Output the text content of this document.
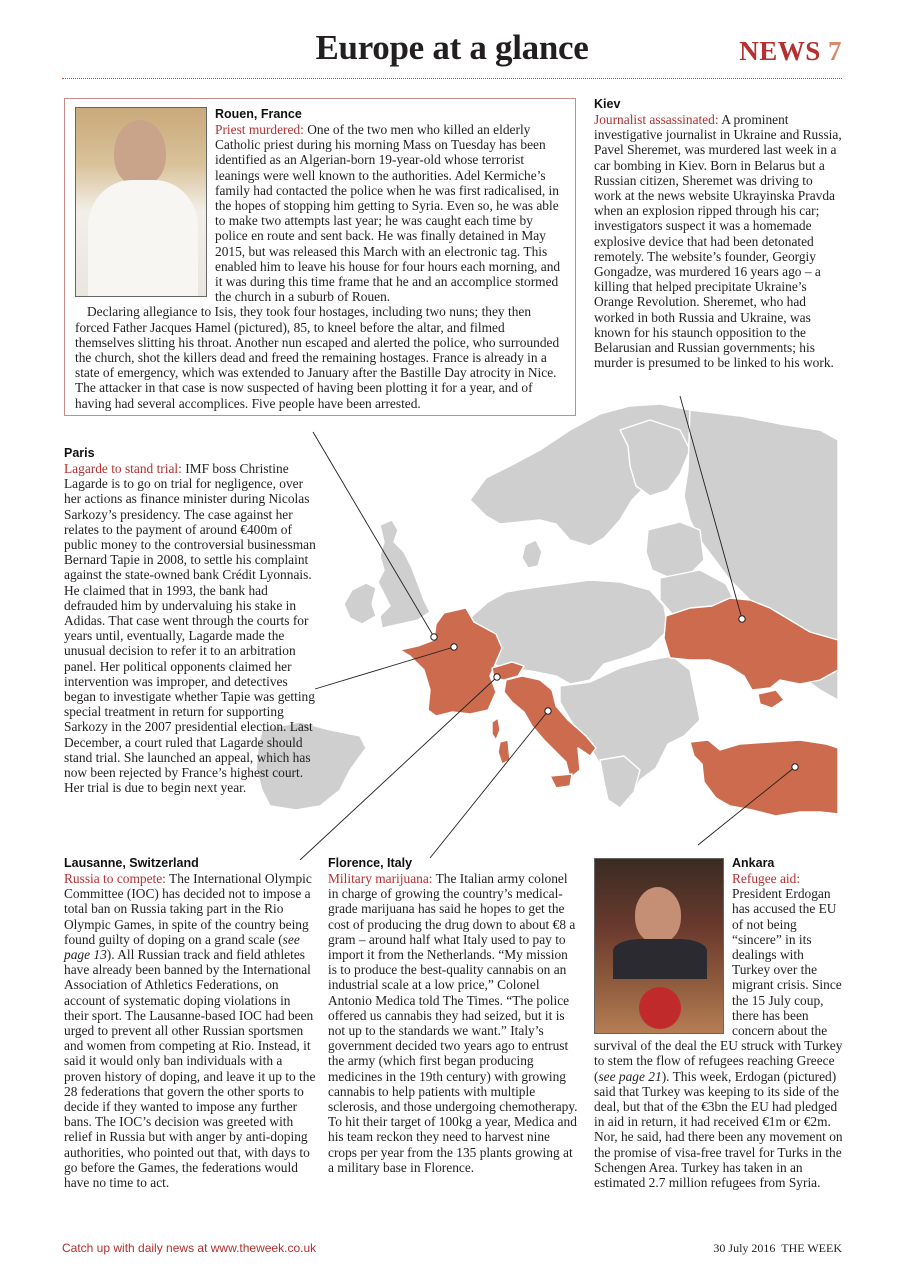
Europe at a glance	NEWS 7
Rouen, France

Priest murdered: One of the two men who killed an elderly Catholic priest during his morning Mass on Tuesday has been identified as an Algerian-born 19-year-old whose terrorist leanings were well known to the authorities. Adel Kermiche’s family had contacted the police when he was first radicalised, in the hopes of stopping him getting to Syria. Even so, he was able to make two attempts last year; he was caught each time by police en route and sent back. He was finally detained in May 2015, but was released this March with an electronic tag. This enabled him to leave his house for four hours each morning, and it was during this time frame that he and an accomplice stormed the church in a suburb of Rouen.

Declaring allegiance to Isis, they took four hostages, including two nuns; they then forced Father Jacques Hamel (pictured), 85, to kneel before the altar, and filmed themselves slitting his throat. Another nun escaped and alerted the police, who surrounded the church, shot the killers dead and freed the remaining hostages. France is already in a state of emergency, which was extended to January after the Bastille Day atrocity in Nice. The attacker in that case is now suspected of having been plotting it for a year, and of having had several accomplices. Five people have been arrested.

Kiev

Journalist assassinated: A prominent investigative journalist in Ukraine and Russia, Pavel Sheremet, was murdered last week in a car bombing in Kiev. Born in Belarus but a Russian citizen, Sheremet was driving to work at the news website Ukrayinska Pravda when an explosion ripped through his car; investigators suspect it was a homemade explosive device that had been detonated remotely. The website’s founder, Georgiy Gongadze, was murdered 16 years ago – a killing that helped precipitate Ukraine’s Orange Revolution. Sheremet, who had worked in both Russia and Ukraine, was known for his staunch opposition to the Belarusian and Russian governments; his murder is presumed to be linked to his work.

Paris

Lagarde to stand trial: IMF boss Christine Lagarde is to go on trial for negligence, over her actions as finance minister during Nicolas Sarkozy’s presidency. The case against her relates to the payment of around €400m of public money to the controversial businessman Bernard Tapie in 2008, to settle his complaint against the state-owned bank Crédit Lyonnais. He claimed that in 1993, the bank had defrauded him by undervaluing his stake in Adidas. That case went through the courts for years until, eventually, Lagarde made the unusual decision to refer it to an arbitration panel. Her political opponents claimed her intervention was improper, and detectives began to investigate whether Tapie was getting special treatment in return for supporting Sarkozy in the 2007 presidential election. Last December, a court ruled that Lagarde should stand trial. She launched an appeal, which has now been rejected by France’s highest court. Her trial is due to begin next year.

Lausanne, Switzerland

Russia to compete: The International Olympic Committee (IOC) has decided not to impose a total ban on Russia taking part in the Rio Olympic Games, in spite of the country being found guilty of doping on a grand scale (see page 13). All Russian track and field athletes have already been banned by the International Association of Athletics Federations, on account of systematic doping violations in their sport. The Lausanne-based IOC had been urged to prevent all other Russian sportsmen and women from competing at Rio. Instead, it said it would only ban individuals with a proven history of doping, and leave it up to the 28 federations that govern the other sports to decide if they wanted to impose any further bans. The IOC’s decision was greeted with relief in Russia but with anger by anti-doping authorities, who pointed out that, with days to go before the Games, the federations would have no time to act.

Florence, Italy

Military marijuana: The Italian army colonel in charge of growing the country’s medical-grade marijuana has said he hopes to get the cost of producing the drug down to about €8 a gram – around half what Italy used to pay to import it from the Netherlands. “My mission is to produce the best-quality cannabis on an industrial scale at a low price,” Colonel Antonio Medica told The Times. “The police offered us cannabis they had seized, but it is not up to the standards we want.” Italy’s government decided two years ago to entrust the army (which first began producing medicines in the 19th century) with growing cannabis to help patients with multiple sclerosis, and those undergoing chemotherapy. To hit their target of 100kg a year, Medica and his team reckon they need to harvest nine crops per year from the 135 plants growing at a military base in Florence.

Ankara

Refugee aid: President Erdogan has accused the EU of not being “sincere” in its dealings with Turkey over the migrant crisis. Since the 15 July coup, there has been concern about the survival of the deal the EU struck with Turkey to stem the flow of refugees reaching Greece (see page 21). This week, Erdogan (pictured) said that Turkey was keeping to its side of the deal, but that of the €3bn the EU had pledged in aid in return, it had received €1m or €2m. Nor, he said, had there been any movement on the promise of visa-free travel for Turks in the Schengen Area. Turkey has taken in an estimated 2.7 million refugees from Syria.

Catch up with daily news at www.theweek.co.uk	30 July 2016 THE WEEK
